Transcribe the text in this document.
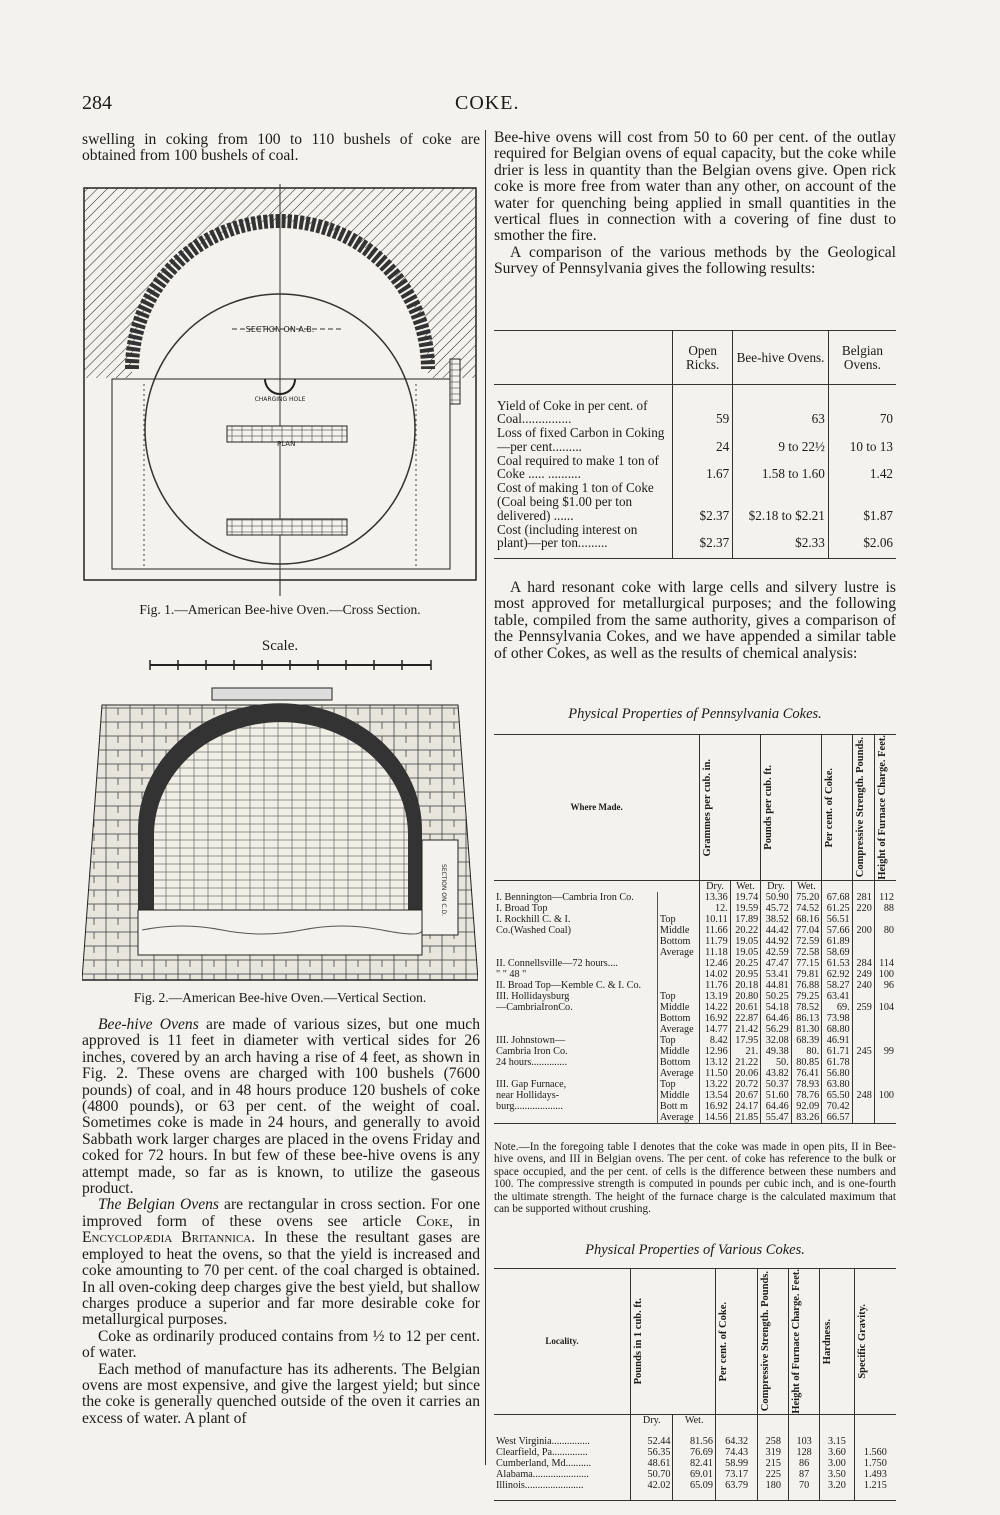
284	COKE.

swelling in coking from 100 to 110 bushels of coke are obtained from 100 bushels of coal.

SECTION ON A.B.
CHARGING HOLE
PLAN
Fig. 1.—American Bee-hive Oven.—Cross Section.
Scale.
SECTION ON C.D.
Fig. 2.—American Bee-hive Oven.—Vertical Section.

Bee-hive Ovens are made of various sizes, but one much approved is 11 feet in diameter with vertical sides for 26 inches, covered by an arch having a rise of 4 feet, as shown in Fig. 2. These ovens are charged with 100 bushels (7600 pounds) of coal, and in 48 hours produce 120 bushels of coke (4800 pounds), or 63 per cent. of the weight of coal. Sometimes coke is made in 24 hours, and generally to avoid Sabbath work larger charges are placed in the ovens Friday and coked for 72 hours. In but few of these bee-hive ovens is any attempt made, so far as is known, to utilize the gaseous product.

The Belgian Ovens are rectangular in cross section. For one improved form of these ovens see article Coke, in Encyclopædia Britannica. In these the resultant gases are employed to heat the ovens, so that the yield is increased and coke amounting to 70 per cent. of the coal charged is obtained. In all oven-coking deep charges give the best yield, but shallow charges produce a superior and far more desirable coke for metallurgical purposes.

Coke as ordinarily produced contains from ½ to 12 per cent. of water.

Each method of manufacture has its adherents. The Belgian ovens are most expensive, and give the largest yield; but since the coke is generally quenched outside of the oven it carries an excess of water. A plant of

Bee-hive ovens will cost from 50 to 60 per cent. of the outlay required for Belgian ovens of equal capacity, but the coke while drier is less in quantity than the Belgian ovens give. Open rick coke is more free from water than any other, on account of the water for quenching being applied in small quantities in the vertical flues in connection with a covering of fine dust to smother the fire.

A comparison of the various methods by the Geological Survey of Pennsylvania gives the following results:

	Open Ricks.	Bee-hive Ovens.	Belgian Ovens.

Yield of Coke in per cent. of Coal...............	59	63	70
Loss of fixed Carbon in Coking—per cent.........	24	9 to 22½	10 to 13
Coal required to make 1 ton of Coke ..... ..........	1.67	1.58 to 1.60	1.42
Cost of making 1 ton of Coke (Coal being $1.00 per ton delivered) ......	$2.37	$2.18 to $2.21	$1.87
Cost (including interest on plant)—per ton.........	$2.37	$2.33	$2.06

A hard resonant coke with large cells and silvery lustre is most approved for metallurgical purposes; and the following table, compiled from the same authority, gives a comparison of the Pennsylvania Cokes, and we have appended a similar table of other Cokes, as well as the results of chemical analysis:

Physical Properties of Pennsylvania Cokes.
Where Made.		Grammes per cub. in.		Pounds per cub. ft.		Per cent. of Coke.	Compressive Strength. Pounds.	Height of Furnace Charge. Feet.

		Dry.	Wet.	Dry.	Wet.			
I. Bennington—Cambria Iron Co.		13.36	19.74	50.90	75.20	67.68	281	112
I. Broad Top		12.	19.59	45.72	74.52	61.25	220	88
I. Rockhill C. & I.	Top	10.11	17.89	38.52	68.16	56.51		
Co.(Washed Coal)	Middle	11.66	20.22	44.42	77.04	57.66	200	80
	Bottom	11.79	19.05	44.92	72.59	61.89		
	Average	11.18	19.05	42.59	72.58	58.69		
II. Connellsville—72 hours....		12.46	20.25	47.47	77.15	61.53	284	114
" " 48 "		14.02	20.95	53.41	79.81	62.92	249	100
II. Broad Top—Kemble C. & I. Co.		11.76	20.18	44.81	76.88	58.27	240	96
III. Hollidaysburg	Top	13.19	20.80	50.25	79.25	63.41		
—CambriaIronCo.	Middle	14.22	20.61	54.18	78.52	69.	259	104
	Bottom	16.92	22.87	64.46	86.13	73.98		
	Average	14.77	21.42	56.29	81.30	68.80		
III. Johnstown—	Top	8.42	17.95	32.08	68.39	46.91		
Cambria Iron Co.	Middle	12.96	21.	49.38	80.	61.71	245	99
24 hours..............	Bottom	13.12	21.22	50.	80.85	61.78		
	Average	11.50	20.06	43.82	76.41	56.80		
III. Gap Furnace,	Top	13.22	20.72	50.37	78.93	63.80		
near Hollidays-	Middle	13.54	20.67	51.60	78.76	65.50	248	100
burg...................	Bott m	16.92	24.17	64.46	92.09	70.42		
	Average	14.56	21.85	55.47	83.26	66.57		
Note.—In the foregoing table I denotes that the coke was made in open pits, II in Bee-hive ovens, and III in Belgian ovens. The per cent. of coke has reference to the bulk or space occupied, and the per cent. of cells is the difference between these numbers and 100. The compressive strength is computed in pounds per cubic inch, and is one-fourth the ultimate strength. The height of the furnace charge is the calculated maximum that can be supported without crushing.
Physical Properties of Various Cokes.
Locality.	Pounds in 1 cub. ft.		Per cent. of Coke.	Compressive Strength. Pounds.	Height of Furnace Charge. Feet.	Hardness.	Specific Gravity.

	Dry.	Wet.					

West Virginia...............	52.44	81.56	64.32	258	103	3.15	
Clearfield, Pa..............	56.35	76.69	74.43	319	128	3.60	1.560
Cumberland, Md..........	48.61	82.41	58.99	215	86	3.00	1.750
Alabama......................	50.70	69.01	73.17	225	87	3.50	1.493
Illinois.......................	42.02	65.09	63.79	180	70	3.20	1.215
